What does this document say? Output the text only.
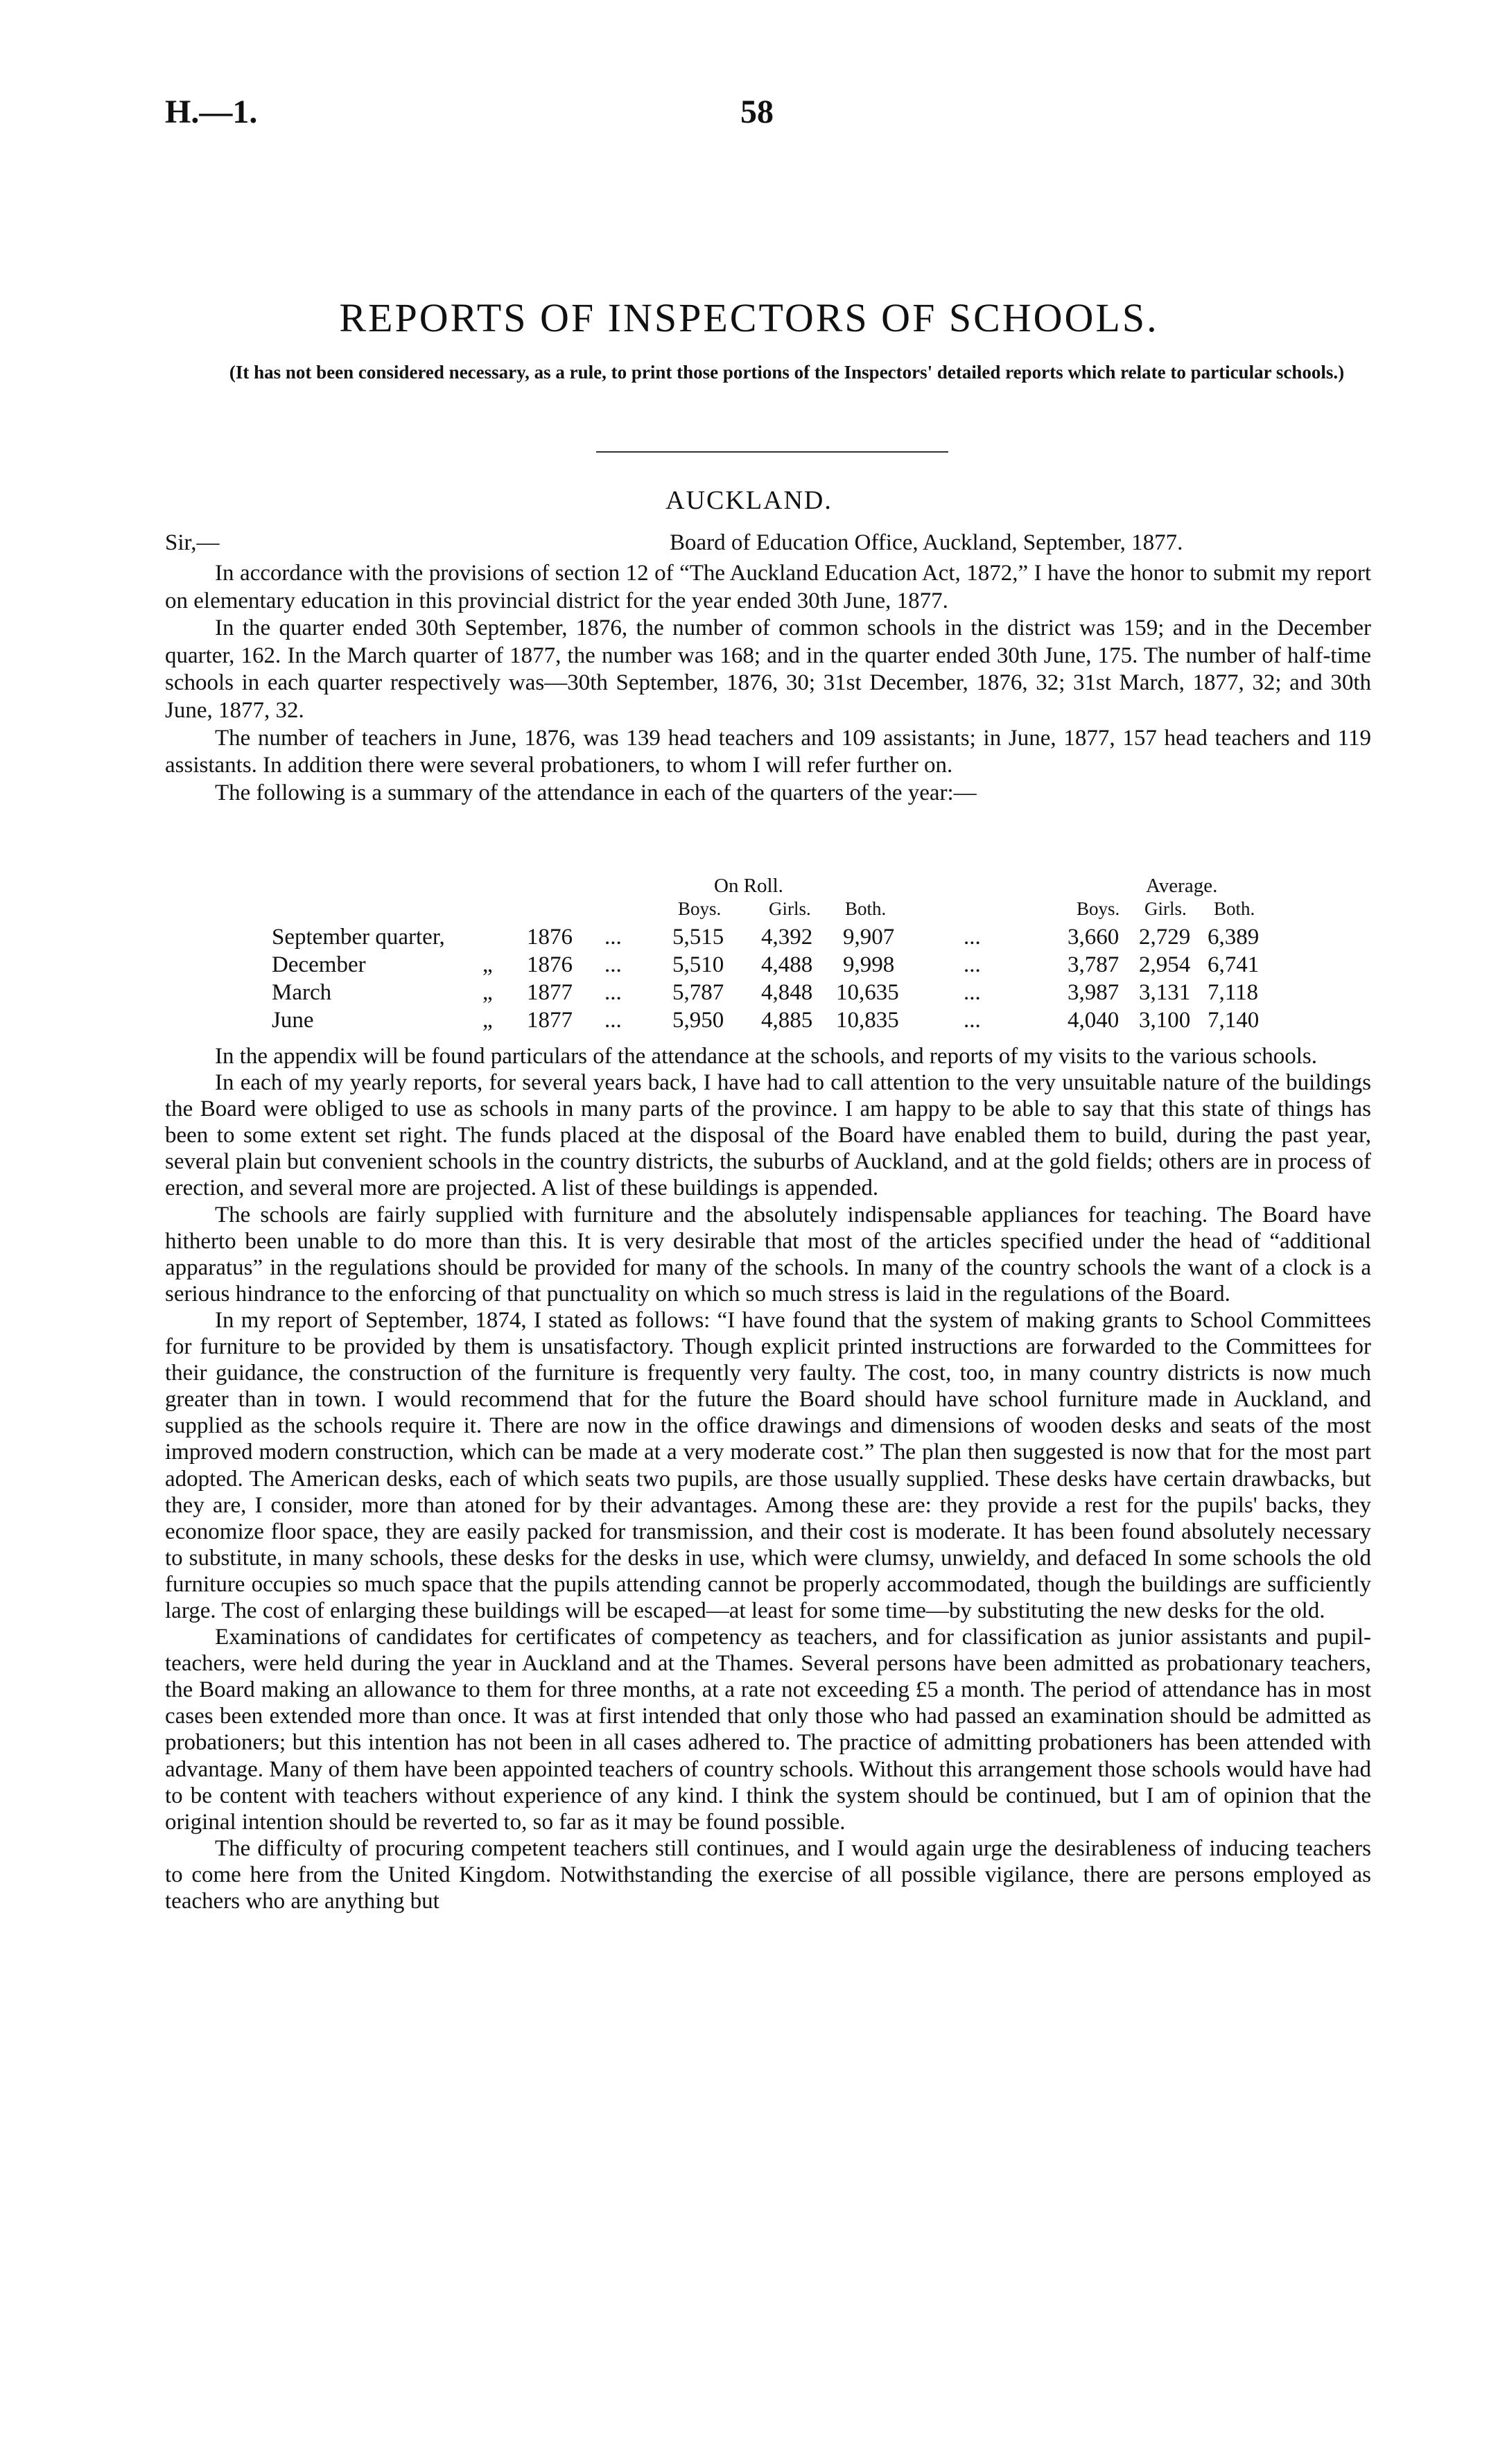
H.—1.	58
REPORTS OF INSPECTORS OF SCHOOLS.
(It has not been considered necessary, as a rule, to print those portions of the Inspectors' detailed reports which relate to particular schools.)
AUCKLAND.
Sir,—	Board of Education Office, Auckland, September, 1877.

In accordance with the provisions of section 12 of “The Auckland Education Act, 1872,” I have the honor to submit my report on elementary education in this provincial district for the year ended 30th June, 1877.

In the quarter ended 30th September, 1876, the number of common schools in the district was 159; and in the December quarter, 162. In the March quarter of 1877, the number was 168; and in the quarter ended 30th June, 175. The number of half-time schools in each quarter respectively was—30th September, 1876, 30; 31st December, 1876, 32; 31st March, 1877, 32; and 30th June, 1877, 32.

The number of teachers in June, 1876, was 139 head teachers and 109 assistants; in June, 1877, 157 head teachers and 119 assistants. In addition there were several probationers, to whom I will refer further on.

The following is a summary of the attendance in each of the quarters of the year:—

On Roll.	Average.
Boys.	Girls. Both.	Boys. Girls. Both.
September quarter,	1876 ... 5,515 4,392 9,907	...	3,660 2,729 6,389
December	„ 1876 ... 5,510 4,488 9,998	...	3,787 2,954 6,741
March	„ 1877 ... 5,787 4,848 10,635	...	3,987 3,131 7,118
June	„ 1877 ... 5,950 4,885 10,835	...	4,040 3,100 7,140

In the appendix will be found particulars of the attendance at the schools, and reports of my visits to the various schools.

In each of my yearly reports, for several years back, I have had to call attention to the very unsuitable nature of the buildings the Board were obliged to use as schools in many parts of the province. I am happy to be able to say that this state of things has been to some extent set right. The funds placed at the disposal of the Board have enabled them to build, during the past year, several plain but convenient schools in the country districts, the suburbs of Auckland, and at the gold fields; others are in process of erection, and several more are projected. A list of these buildings is appended.

The schools are fairly supplied with furniture and the absolutely indispensable appliances for teaching. The Board have hitherto been unable to do more than this. It is very desirable that most of the articles specified under the head of “additional apparatus” in the regulations should be provided for many of the schools. In many of the country schools the want of a clock is a serious hindrance to the enforcing of that punctuality on which so much stress is laid in the regulations of the Board.

In my report of September, 1874, I stated as follows: “I have found that the system of making grants to School Committees for furniture to be provided by them is unsatisfactory. Though explicit printed instructions are forwarded to the Committees for their guidance, the construction of the furniture is frequently very faulty. The cost, too, in many country districts is now much greater than in town. I would recommend that for the future the Board should have school furniture made in Auckland, and supplied as the schools require it. There are now in the office drawings and dimensions of wooden desks and seats of the most improved modern construction, which can be made at a very moderate cost.” The plan then suggested is now that for the most part adopted. The American desks, each of which seats two pupils, are those usually supplied. These desks have certain drawbacks, but they are, I consider, more than atoned for by their advantages. Among these are: they provide a rest for the pupils' backs, they economize floor space, they are easily packed for transmission, and their cost is moderate. It has been found absolutely necessary to substitute, in many schools, these desks for the desks in use, which were clumsy, unwieldy, and defaced In some schools the old furniture occupies so much space that the pupils attending cannot be properly accommodated, though the buildings are sufficiently large. The cost of enlarging these buildings will be escaped—at least for some time—by substituting the new desks for the old.

Examinations of candidates for certificates of competency as teachers, and for classification as junior assistants and pupil-teachers, were held during the year in Auckland and at the Thames. Several persons have been admitted as probationary teachers, the Board making an allowance to them for three months, at a rate not exceeding £5 a month. The period of attendance has in most cases been extended more than once. It was at first intended that only those who had passed an examination should be admitted as probationers; but this intention has not been in all cases adhered to. The practice of admitting probationers has been attended with advantage. Many of them have been appointed teachers of country schools. Without this arrangement those schools would have had to be content with teachers without experience of any kind. I think the system should be continued, but I am of opinion that the original intention should be reverted to, so far as it may be found possible.

The difficulty of procuring competent teachers still continues, and I would again urge the desirableness of inducing teachers to come here from the United Kingdom. Notwithstanding the exercise of all possible vigilance, there are persons employed as teachers who are anything but
